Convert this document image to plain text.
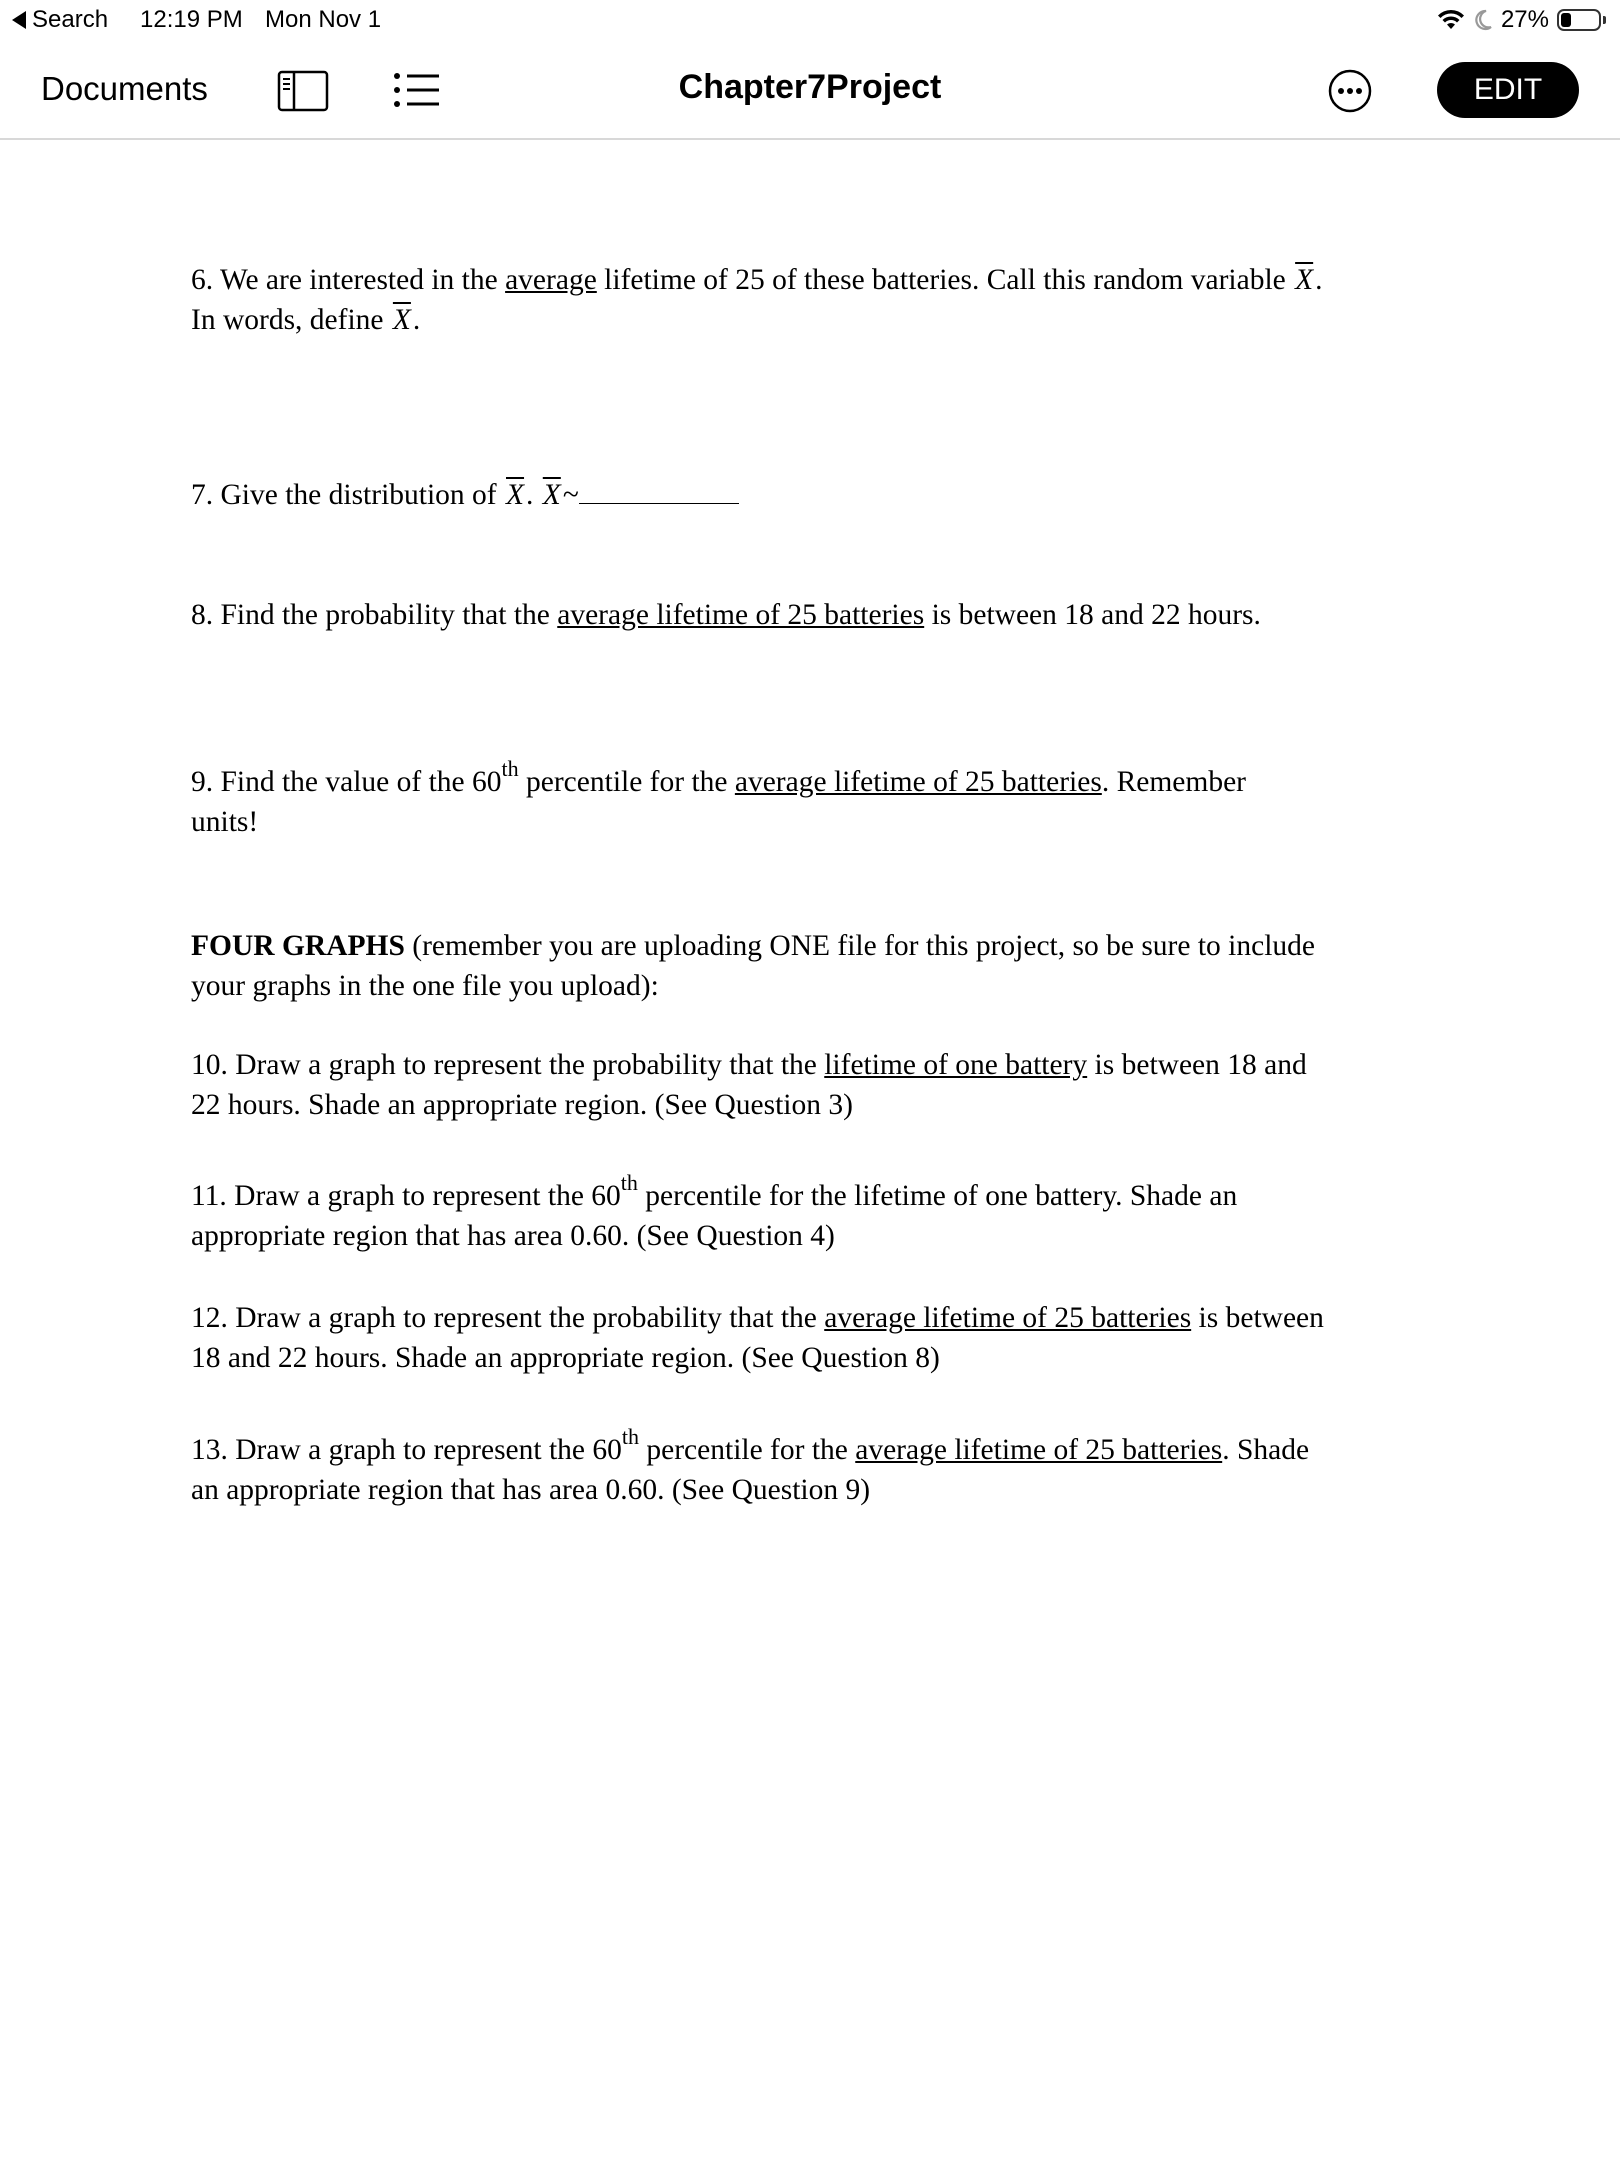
Search 12:19 PM Mon Nov 1	27%
Documents	Chapter7Project	EDIT
6. We are interested in the average lifetime of 25 of these batteries. Call this random variable $\overline{X}$.
In words, define $\overline{X}$.
7. Give the distribution of $\overline{X}$. $\overline{X}\sim$
8. Find the probability that the average lifetime of 25 batteries is between 18 and 22 hours.
9. Find the value of the 60th percentile for the average lifetime of 25 batteries. Remember
units!
FOUR GRAPHS (remember you are uploading ONE file for this project, so be sure to include
your graphs in the one file you upload):
10. Draw a graph to represent the probability that the lifetime of one battery is between 18 and
22 hours. Shade an appropriate region. (See Question 3)
11. Draw a graph to represent the 60th percentile for the lifetime of one battery. Shade an
appropriate region that has area 0.60. (See Question 4)
12. Draw a graph to represent the probability that the average lifetime of 25 batteries is between
18 and 22 hours. Shade an appropriate region. (See Question 8)
13. Draw a graph to represent the 60th percentile for the average lifetime of 25 batteries. Shade
an appropriate region that has area 0.60. (See Question 9)
